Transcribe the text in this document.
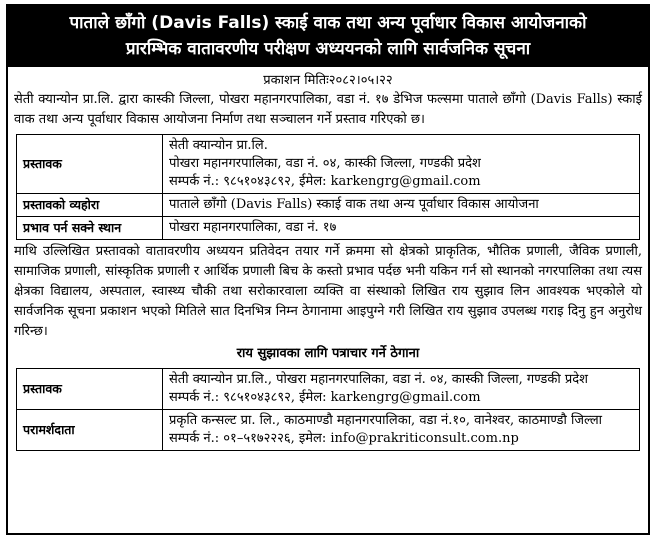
पाताले छाँगो (Davis Falls) स्काई वाक तथा अन्य पूर्वाधार विकास आयोजनाको
प्रारम्भिक वातावरणीय परीक्षण अध्ययनको लागि सार्वजनिक सूचना
प्रकाशन मितिः२०८२।०५।२२
सेती क्यान्योन प्रा.लि. द्वारा कास्की जिल्ला, पोखरा महानगरपालिका, वडा नं. १७ डेभिज फल्समा पाताले छाँगो (Davis Falls) स्काई वाक तथा अन्य पूर्वाधार विकास आयोजना निर्माण तथा सञ्चालन गर्ने प्रस्ताव गरिएको छ।
प्रस्तावक	सेती क्यान्योन प्रा.लि.
पोखरा महानगरपालिका, वडा नं. ०४, कास्की जिल्ला, गण्डकी प्रदेश
सम्पर्क नं.: ९८५१०४३८९२, ईमेल: karkengrg@gmail.com

प्रस्तावको व्यहोरा	पाताले छाँगो (Davis Falls) स्काई वाक तथा अन्य पूर्वाधार विकास आयोजना
प्रभाव पर्न सक्ने स्थान	पोखरा महानगरपालिका, वडा नं. १७
माथि उल्लिखित प्रस्तावको वातावरणीय अध्ययन प्रतिवेदन तयार गर्ने क्रममा सो क्षेत्रको प्राकृतिक, भौतिक प्रणाली, जैविक प्रणाली, सामाजिक प्रणाली, सांस्कृतिक प्रणाली र आर्थिक प्रणाली बिच के कस्तो प्रभाव पर्दछ भनी यकिन गर्न सो स्थानको नगरपालिका तथा त्यस क्षेत्रका विद्यालय, अस्पताल, स्वास्थ्य चौकी तथा सरोकारवाला व्यक्ति वा संस्थाको लिखित राय सुझाव लिन आवश्यक भएकोले यो सार्वजनिक सूचना प्रकाशन भएको मितिले सात दिनभित्र निम्न ठेगानामा आइपुग्ने गरी लिखित राय सुझाव उपलब्ध गराइ दिनु हुन अनुरोध गरिन्छ।
राय सुझावका लागि पत्राचार गर्ने ठेगाना
प्रस्तावक	सेती क्यान्योन प्रा.लि., पोखरा महानगरपालिका, वडा नं. ०४, कास्की जिल्ला, गण्डकी प्रदेश
सम्पर्क नं.: ९८५१०४३८९२, ईमेल: karkengrg@gmail.com

परामर्शदाता	प्रकृति कन्सल्ट प्रा. लि., काठमाण्डौ महानगरपालिका, वडा नं.१०, वानेश्वर, काठमाण्डौ जिल्ला
सम्पर्क नं.: ०१–५१७२२२६, इमेल: info@prakriticonsult.com.np
